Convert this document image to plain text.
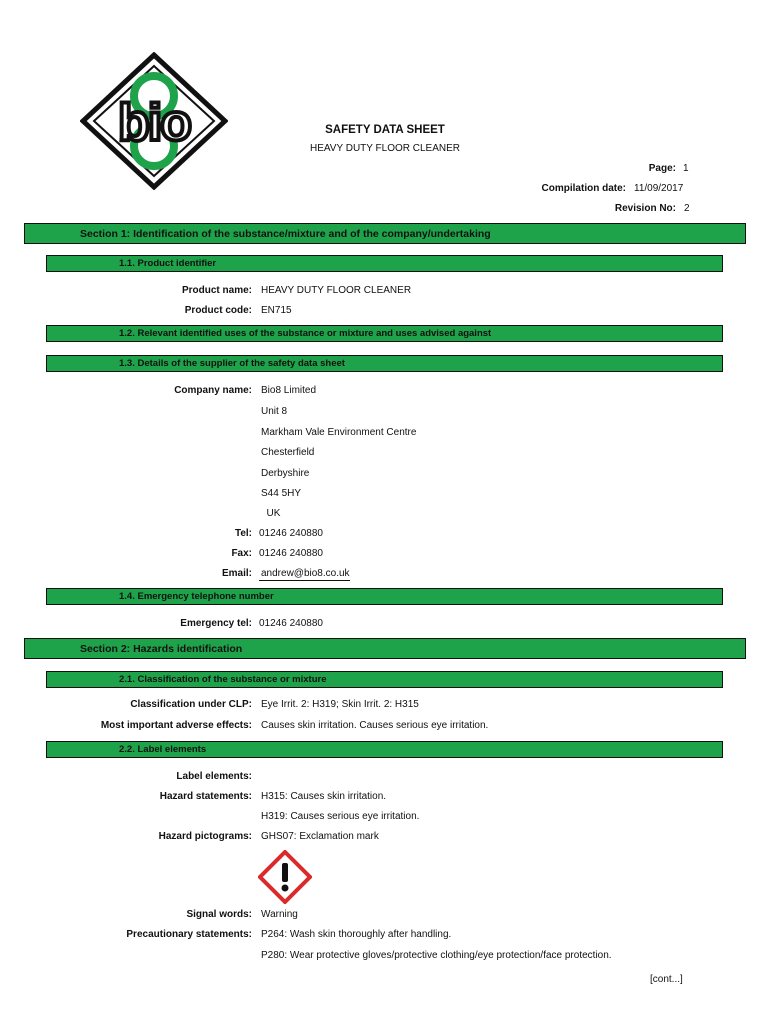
bio	SAFETY DATA SHEET
HEAVY DUTY FLOOR CLEANER
Page: 1
Compilation date: 11/09/2017
Revision No: 2
Section 1: Identification of the substance/mixture and of the company/undertaking
1.1. Product identifier
Product name: HEAVY DUTY FLOOR CLEANER
Product code: EN715
1.2. Relevant identified uses of the substance or mixture and uses advised against
1.3. Details of the supplier of the safety data sheet
Company name: Bio8 Limited
Unit 8
Markham Vale Environment Centre
Chesterfield
Derbyshire
S44 5HY
UK
Tel: 01246 240880
Fax: 01246 240880
Email: andrew@bio8.co.uk
1.4. Emergency telephone number
Emergency tel: 01246 240880
Section 2: Hazards identification
2.1. Classification of the substance or mixture
Classification under CLP: Eye Irrit. 2: H319; Skin Irrit. 2: H315
Most important adverse effects: Causes skin irritation. Causes serious eye irritation.
2.2. Label elements
Label elements:
Hazard statements: H315: Causes skin irritation.
H319: Causes serious eye irritation.
Hazard pictograms: GHS07: Exclamation mark
Signal words: Warning
Precautionary statements: P264: Wash skin thoroughly after handling.
P280: Wear protective gloves/protective clothing/eye protection/face protection.
[cont...]
